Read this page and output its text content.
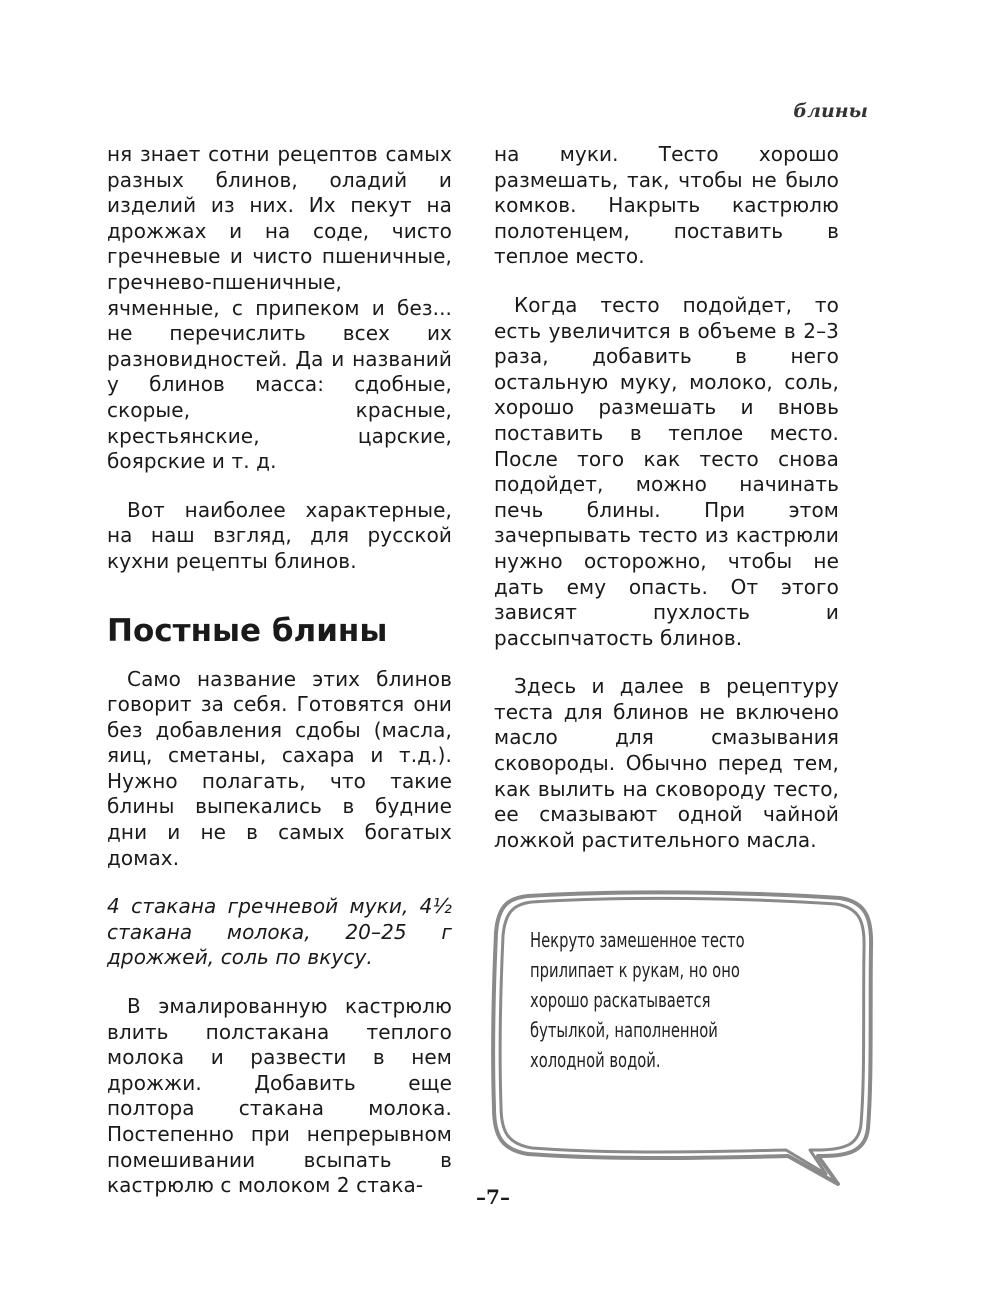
блины

ня знает сотни рецептов самых разных блинов, оладий и изделий из них. Их пекут на дрожжах и на соде, чисто гречневые и чисто пшеничные, гречнево-пшеничные, ячменные, с припеком и без... не перечислить всех их разновидностей. Да и названий у блинов масса: сдобные, скорые, красные, крестьянские, царские, боярские и т. д.

Вот наиболее характерные, на наш взгляд, для русской кухни рецепты блинов.

Постные блины

Само название этих блинов говорит за себя. Готовятся они без добавления сдобы (масла, яиц, сметаны, сахара и т.д.). Нужно полагать, что такие блины выпекались в будние дни и не в самых богатых домах.

4 стакана гречневой муки, 4½ стакана молока, 20–25 г дрожжей, соль по вкусу.

В эмалированную кастрюлю влить полстакана теплого молока и развести в нем дрожжи. Добавить еще полтора стакана молока. Постепенно при непрерывном помешивании всыпать в кастрюлю с молоком 2 стака-

на муки. Тесто хорошо размешать, так, чтобы не было комков. Накрыть кастрюлю полотенцем, поставить в теплое место.

Когда тесто подойдет, то есть увеличится в объеме в 2–3 раза, добавить в него остальную муку, молоко, соль, хорошо размешать и вновь поставить в теплое место. После того как тесто снова подойдет, можно начинать печь блины. При этом зачерпывать тесто из кастрюли нужно осторожно, чтобы не дать ему опасть. От этого зависят пухлость и рассыпчатость блинов.

Здесь и далее в рецептуру теста для блинов не включено масло для смазывания сковороды. Обычно перед тем, как вылить на сковороду тесто, ее смазывают одной чайной ложкой растительного масла.

Некруто замешенное тесто
прилипает к рукам, но оно
хорошо раскатывается
бутылкой, наполненной
холодной водой.
–7–
